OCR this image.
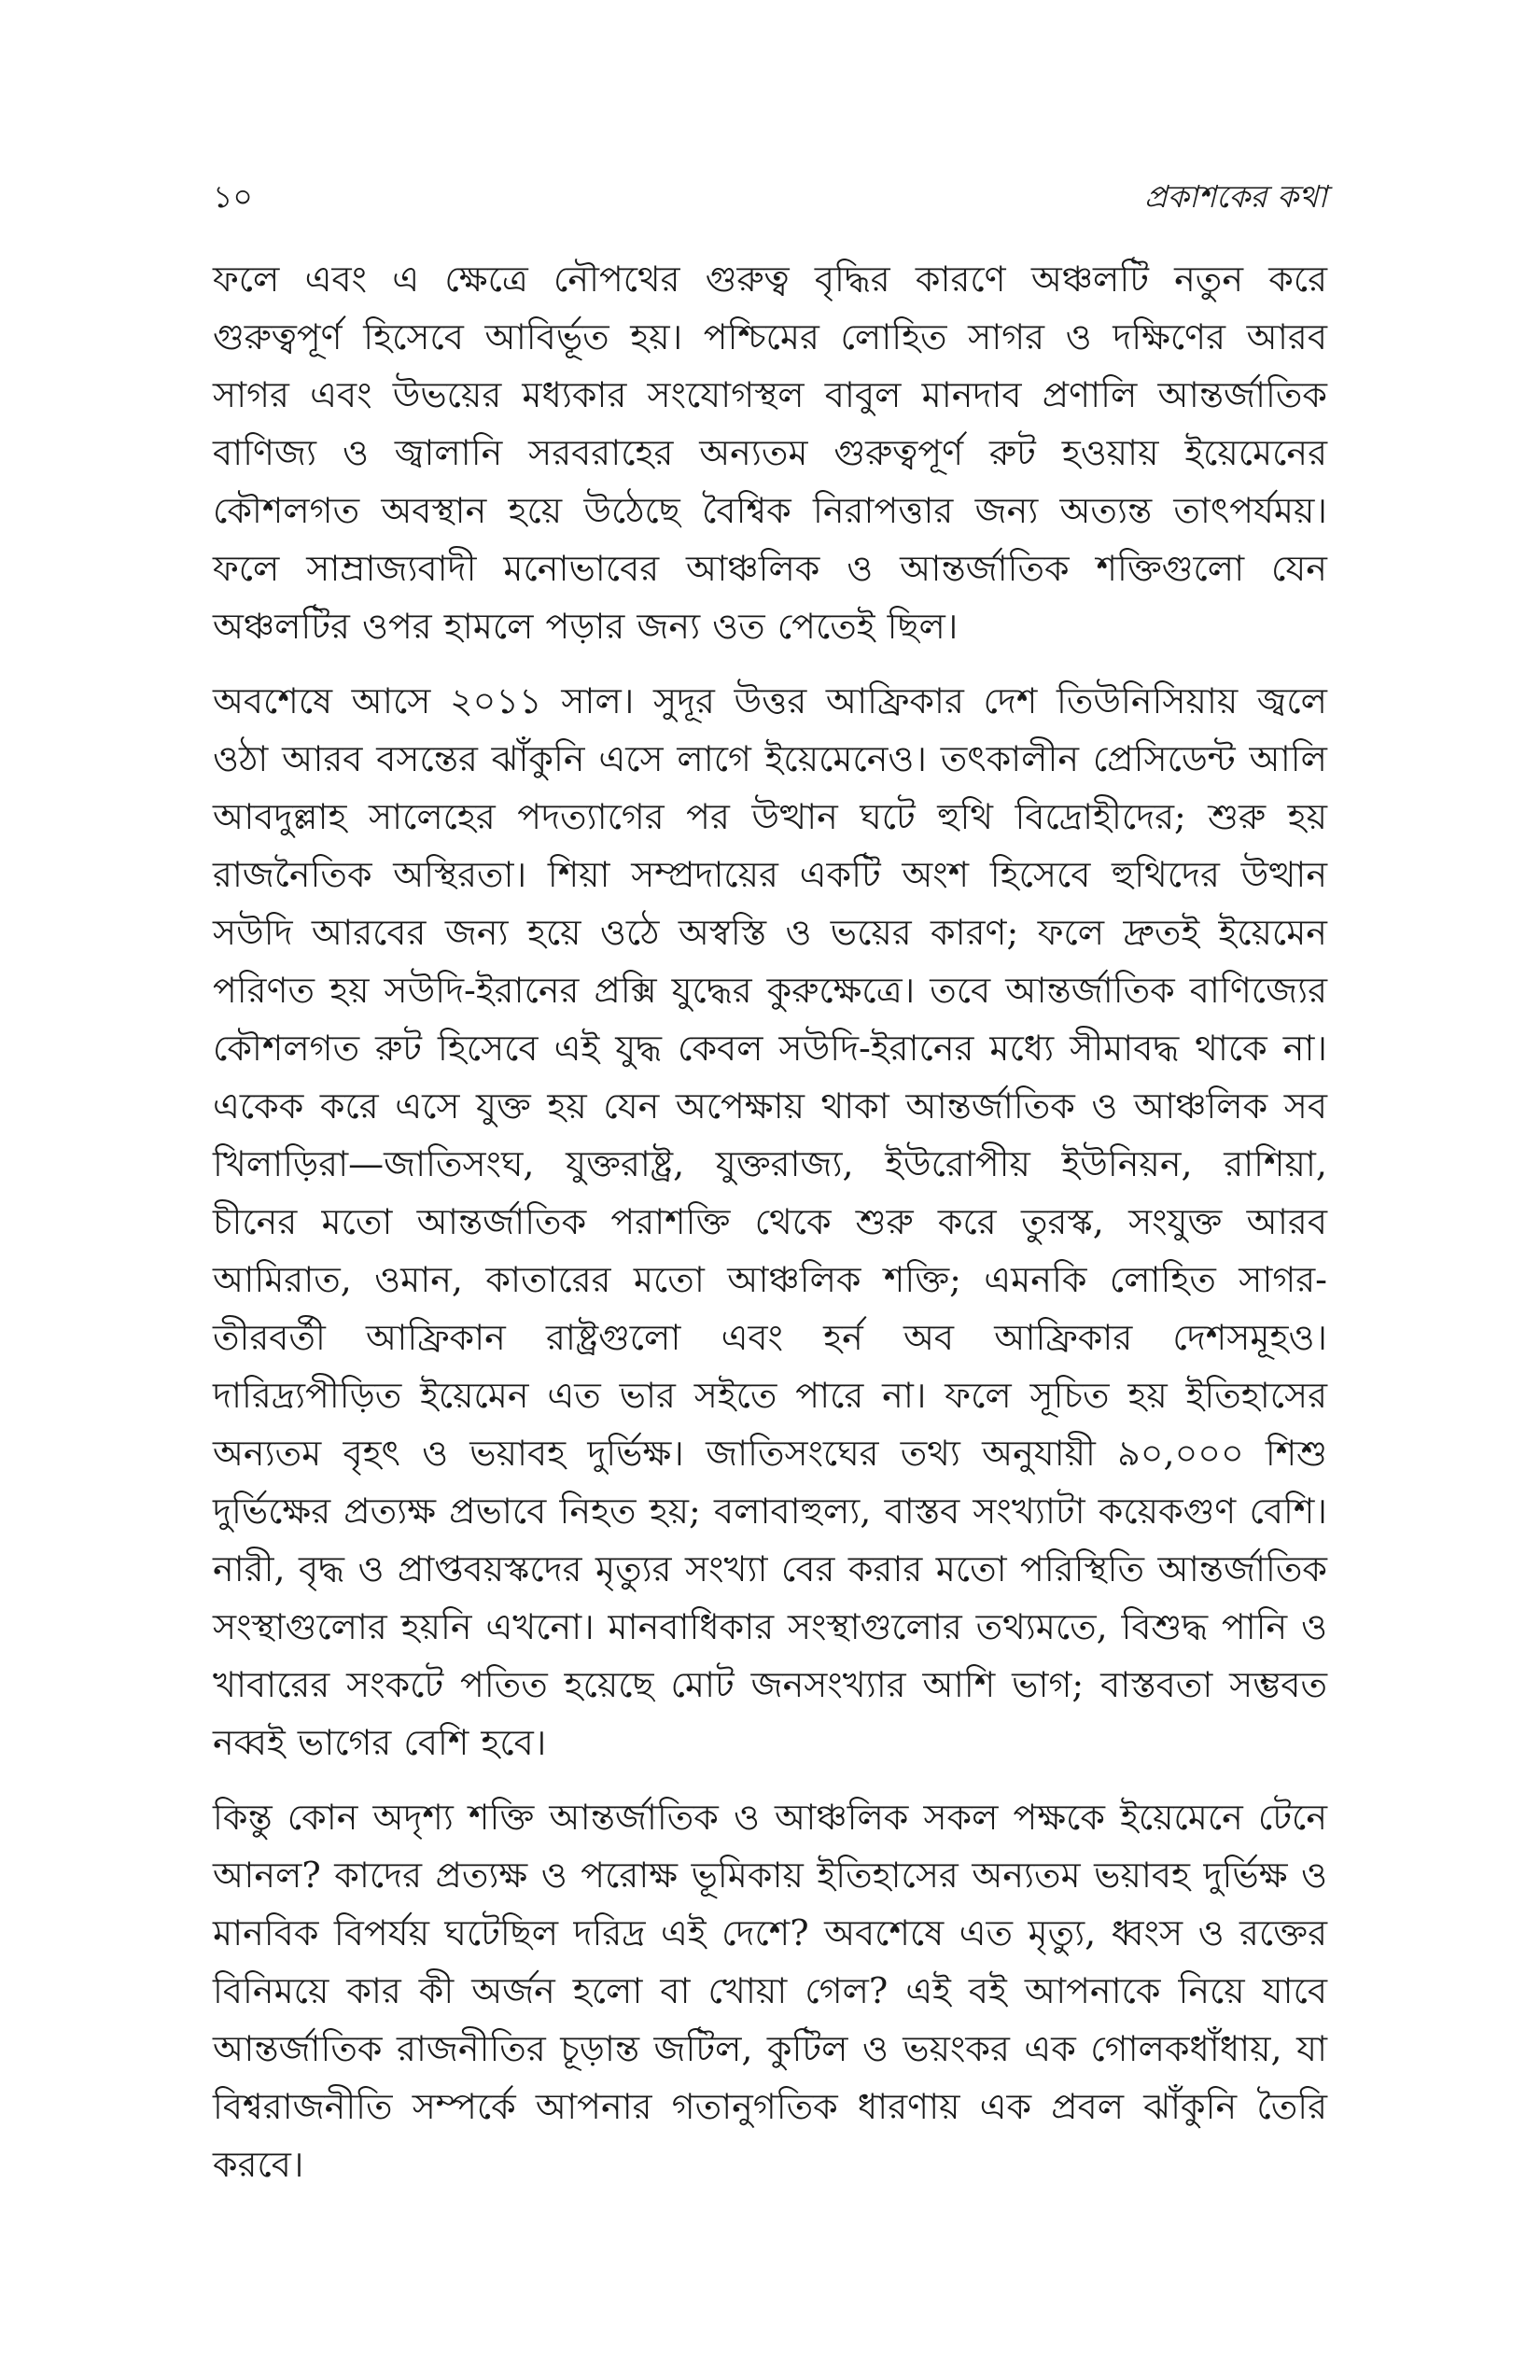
১০	প্রকাশকের কথা

ফলে এবং এ ক্ষেত্রে নৌপথের গুরুত্ব বৃদ্ধির কারণে অঞ্চলটি নতুন করে গুরুত্বপূর্ণ হিসেবে আবির্ভূত হয়। পশ্চিমের লোহিত সাগর ও দক্ষিণের আরব সাগর এবং উভয়ের মধ্যকার সংযোগস্থল বাবুল মানদাব প্রণালি আন্তর্জাতিক বাণিজ্য ও জ্বালানি সরবরাহের অন্যতম গুরুত্বপূর্ণ রুট হওয়ায় ইয়েমেনের কৌশলগত অবস্থান হয়ে উঠেছে বৈশ্বিক নিরাপত্তার জন্য অত্যন্ত তাৎপর্যময়। ফলে সাম্রাজ্যবাদী মনোভাবের আঞ্চলিক ও আন্তর্জাতিক শক্তিগুলো যেন অঞ্চলটির ওপর হামলে পড়ার জন্য ওত পেতেই ছিল।

অবশেষে আসে ২০১১ সাল। সুদূর উত্তর আফ্রিকার দেশ তিউনিসিয়ায় জ্বলে ওঠা আরব বসন্তের ঝাঁকুনি এসে লাগে ইয়েমেনেও। তৎকালীন প্রেসিডেন্ট আলি আবদুল্লাহ সালেহের পদত্যাগের পর উত্থান ঘটে হুথি বিদ্রোহীদের; শুরু হয় রাজনৈতিক অস্থিরতা। শিয়া সম্প্রদায়ের একটি অংশ হিসেবে হুথিদের উত্থান সউদি আরবের জন্য হয়ে ওঠে অস্বস্তি ও ভয়ের কারণ; ফলে দ্রুতই ইয়েমেন পরিণত হয় সউদি-ইরানের প্রক্সি যুদ্ধের কুরুক্ষেত্রে। তবে আন্তর্জাতিক বাণিজ্যের কৌশলগত রুট হিসেবে এই যুদ্ধ কেবল সউদি-ইরানের মধ্যে সীমাবদ্ধ থাকে না। একেক করে এসে যুক্ত হয় যেন অপেক্ষায় থাকা আন্তর্জাতিক ও আঞ্চলিক সব খিলাড়িরা—জাতিসংঘ, যুক্তরাষ্ট্র, যুক্তরাজ্য, ইউরোপীয় ইউনিয়ন, রাশিয়া, চীনের মতো আন্তর্জাতিক পরাশক্তি থেকে শুরু করে তুরস্ক, সংযুক্ত আরব আমিরাত, ওমান, কাতারের মতো আঞ্চলিক শক্তি; এমনকি লোহিত সাগর-তীরবর্তী আফ্রিকান রাষ্ট্রগুলো এবং হর্ন অব আফ্রিকার দেশসমূহও। দারিদ্র্যপীড়িত ইয়েমেন এত ভার সইতে পারে না। ফলে সূচিত হয় ইতিহাসের অন্যতম বৃহৎ ও ভয়াবহ দুর্ভিক্ষ। জাতিসংঘের তথ্য অনুযায়ী ৯০,০০০ শিশু দুর্ভিক্ষের প্রত্যক্ষ প্রভাবে নিহত হয়; বলাবাহুল্য, বাস্তব সংখ্যাটা কয়েকগুণ বেশি। নারী, বৃদ্ধ ও প্রাপ্তবয়স্কদের মৃত্যুর সংখ্যা বের করার মতো পরিস্থিতি আন্তর্জাতিক সংস্থাগুলোর হয়নি এখনো। মানবাধিকার সংস্থাগুলোর তথ্যমতে, বিশুদ্ধ পানি ও খাবারের সংকটে পতিত হয়েছে মোট জনসংখ্যার আশি ভাগ; বাস্তবতা সম্ভবত নব্বই ভাগের বেশি হবে।

কিন্তু কোন অদৃশ্য শক্তি আন্তর্জাতিক ও আঞ্চলিক সকল পক্ষকে ইয়েমেনে টেনে আনল? কাদের প্রত্যক্ষ ও পরোক্ষ ভূমিকায় ইতিহাসের অন্যতম ভয়াবহ দুর্ভিক্ষ ও মানবিক বিপর্যয় ঘটেছিল দরিদ্র এই দেশে? অবশেষে এত মৃত্যু, ধ্বংস ও রক্তের বিনিময়ে কার কী অর্জন হলো বা খোয়া গেল? এই বই আপনাকে নিয়ে যাবে আন্তর্জাতিক রাজনীতির চূড়ান্ত জটিল, কুটিল ও ভয়ংকর এক গোলকধাঁধায়, যা বিশ্বরাজনীতি সম্পর্কে আপনার গতানুগতিক ধারণায় এক প্রবল ঝাঁকুনি তৈরি করবে।
